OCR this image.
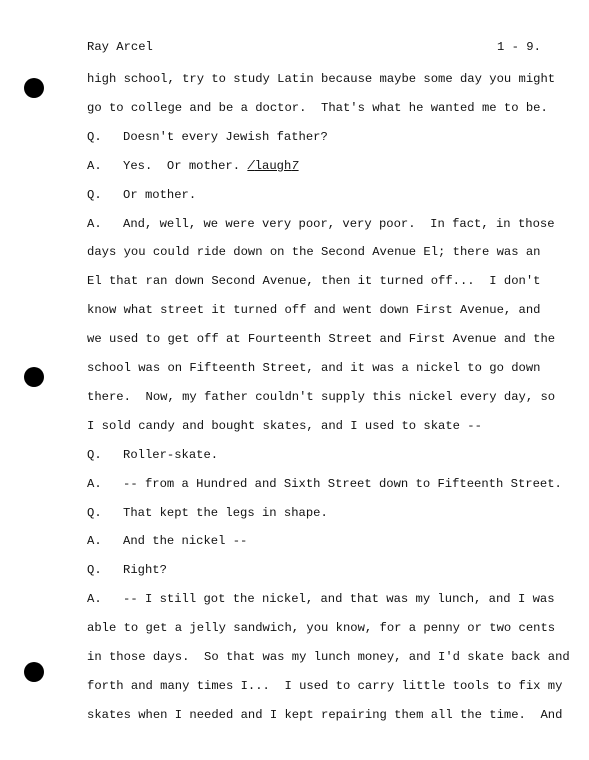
Ray Arcel	1 - 9.
high school, try to study Latin because maybe some day you might
go to college and be a doctor.  That's what he wanted me to be.
Q. Doesn't every Jewish father?
A. Yes.  Or mother. /laugh7
Q. Or mother.
A. And, well, we were very poor, very poor.  In fact, in those
days you could ride down on the Second Avenue El; there was an
El that ran down Second Avenue, then it turned off...  I don't
know what street it turned off and went down First Avenue, and
we used to get off at Fourteenth Street and First Avenue and the
school was on Fifteenth Street, and it was a nickel to go down
there.  Now, my father couldn't supply this nickel every day, so
I sold candy and bought skates, and I used to skate --
Q. Roller-skate.
A. -- from a Hundred and Sixth Street down to Fifteenth Street.
Q. That kept the legs in shape.
A. And the nickel --
Q. Right?
A. -- I still got the nickel, and that was my lunch, and I was
able to get a jelly sandwich, you know, for a penny or two cents
in those days.  So that was my lunch money, and I'd skate back and
forth and many times I...  I used to carry little tools to fix my
skates when I needed and I kept repairing them all the time.  And
